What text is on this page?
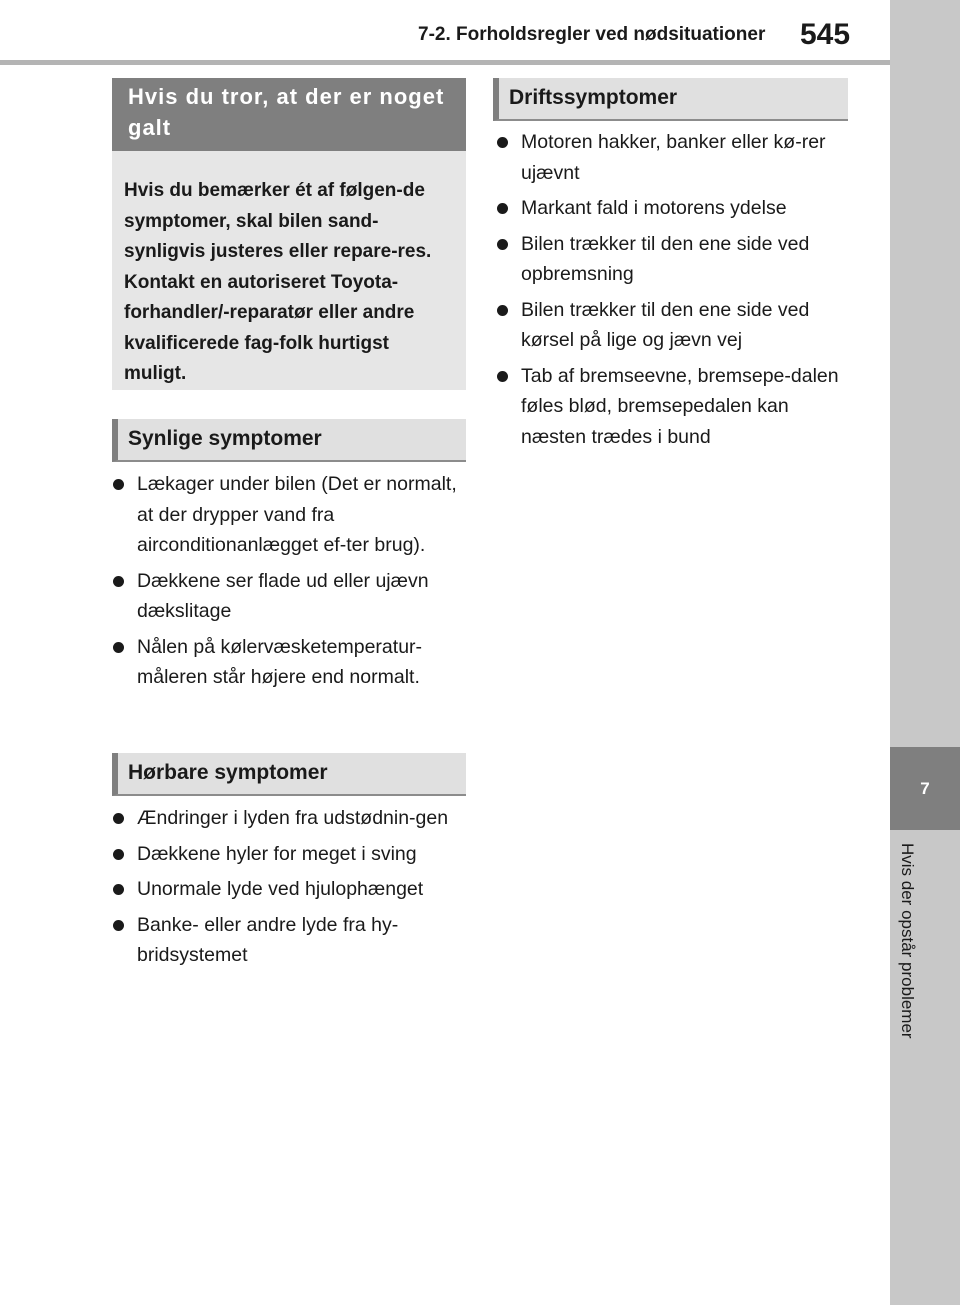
7-2. Forholdsregler ved nødsituationer 545
7
Hvis der opstår problemer
Hvis du tror, at der er noget galt
Hvis du bemærker ét af følgen-de symptomer, skal bilen sand-synligvis justeres eller repare-res. Kontakt en autoriseret Toyota-forhandler/-reparatør eller andre kvalificerede fag-folk hurtigst muligt.
Synlige symptomer
Lækager under bilen (Det er normalt, at der drypper vand fra airconditionanlægget ef-ter brug).
Dækkene ser flade ud eller ujævn dækslitage
Nålen på kølervæsketemperatur-måleren står højere end normalt.
Hørbare symptomer
Ændringer i lyden fra udstødnin-gen
Dækkene hyler for meget i sving
Unormale lyde ved hjulophænget
Banke- eller andre lyde fra hy-bridsystemet
Driftssymptomer
Motoren hakker, banker eller kø-rer ujævnt
Markant fald i motorens ydelse
Bilen trækker til den ene side ved opbremsning
Bilen trækker til den ene side ved kørsel på lige og jævn vej
Tab af bremseevne, bremsepe-dalen føles blød, bremsepedalen kan næsten trædes i bund
